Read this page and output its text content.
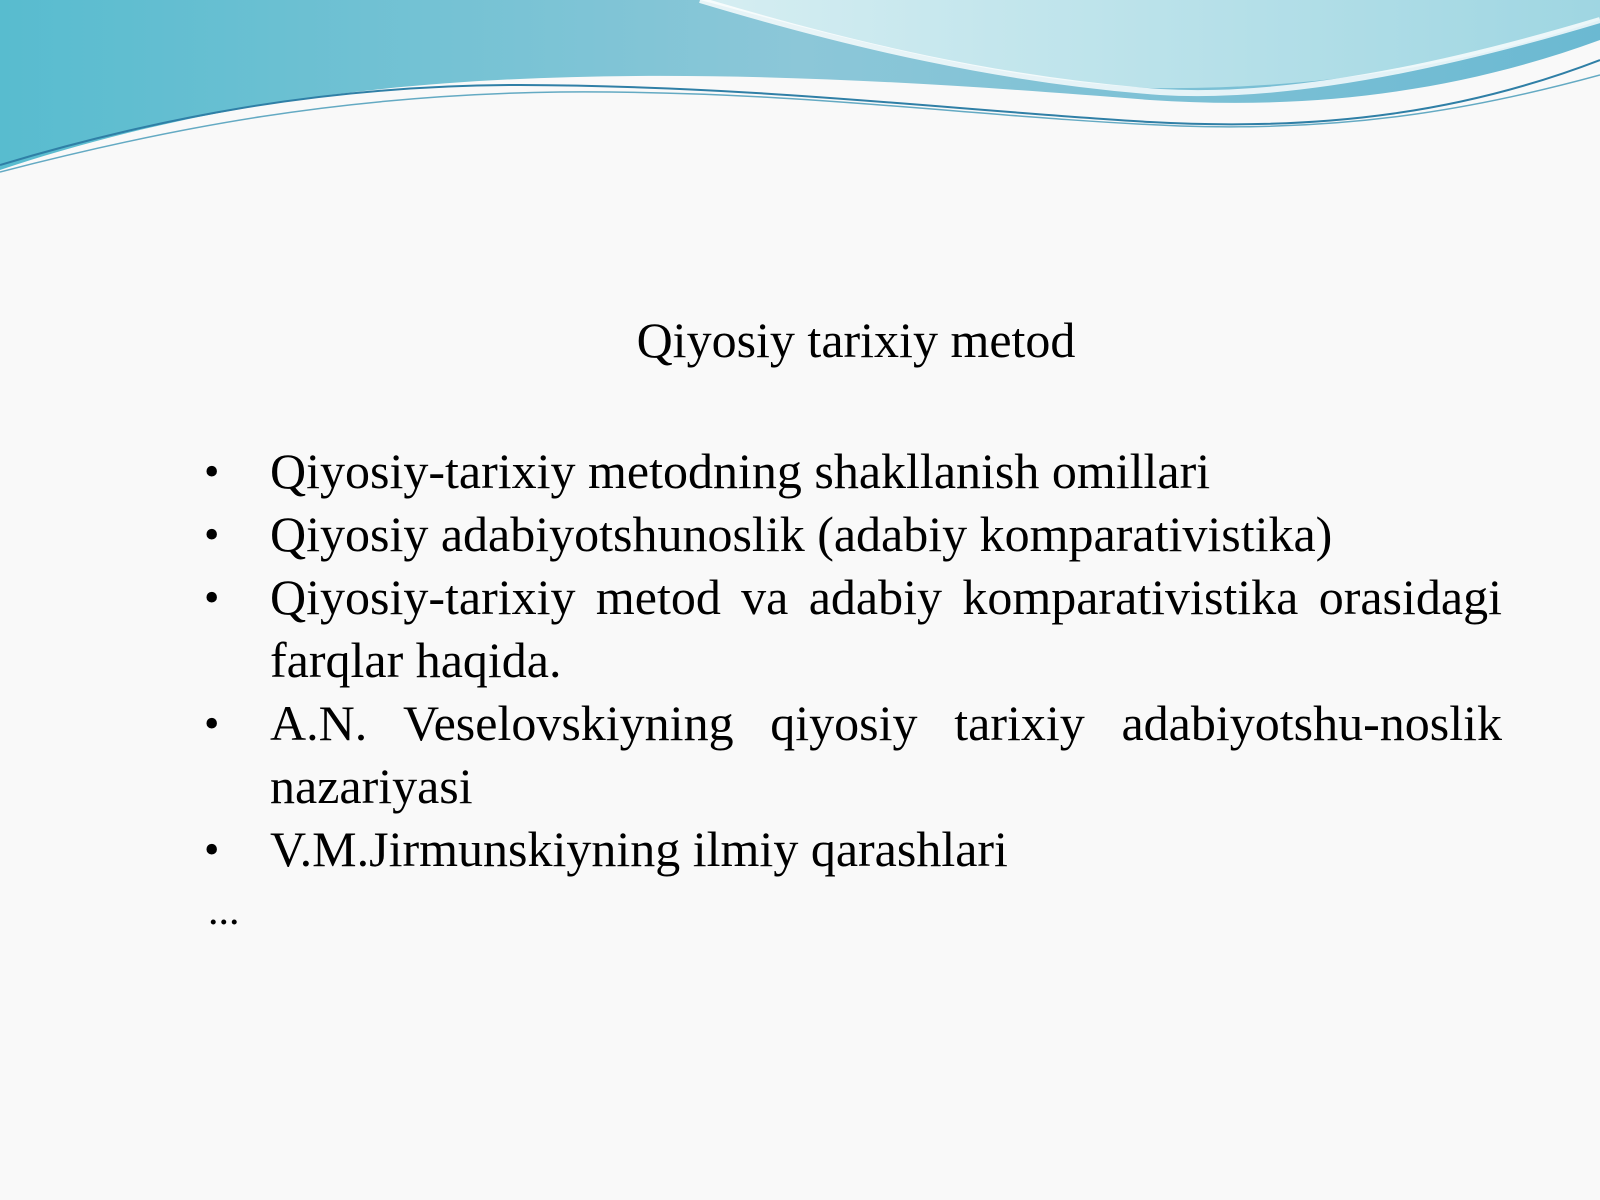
Qiyosiy tarixiy metod
• Qiyosiy-tarixiy metodning shakllanish omillari
• Qiyosiy adabiyotshunoslik (adabiy komparativistika)
• Qiyosiy-tarixiy metod va adabiy komparativistika orasidagi farqlar haqida.
• A.N. Veselovskiyning qiyosiy tarixiy adabiyotshu-noslik nazariyasi
• V.M.Jirmunskiyning ilmiy qarashlari
...
